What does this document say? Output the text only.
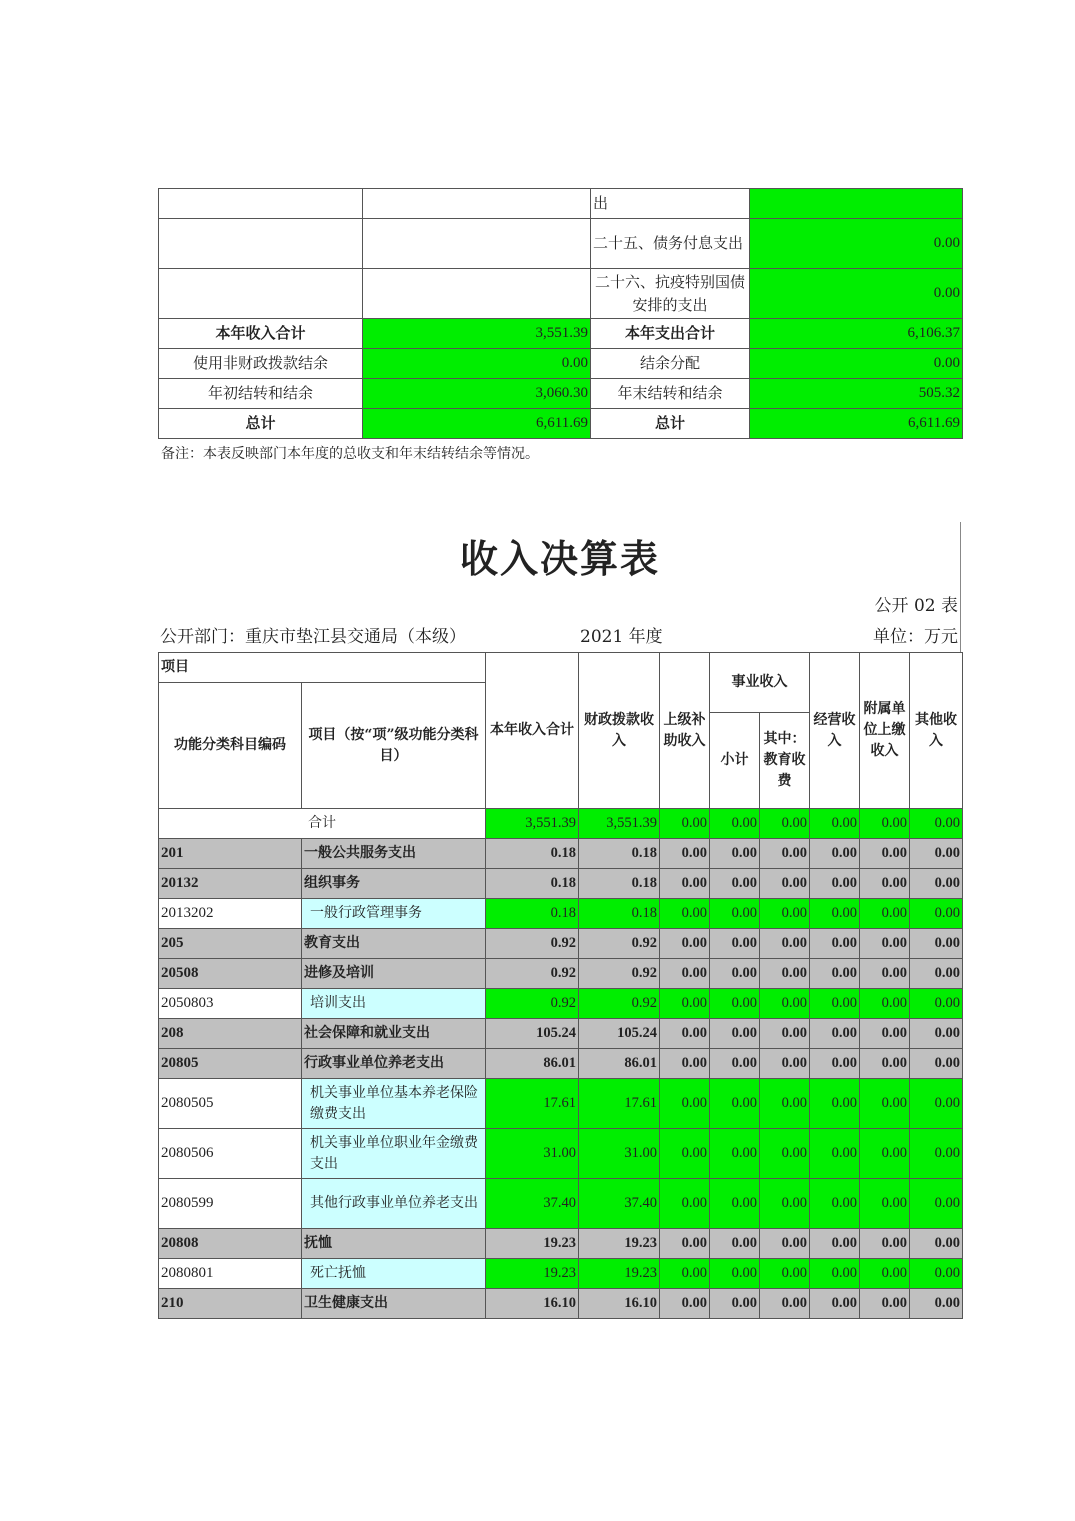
		出	
		二十五、债务付息支出	0.00
		二十六、抗疫特别国债安排的支出	0.00
本年收入合计	3,551.39	本年支出合计	6,106.37
使用非财政拨款结余	0.00	结余分配	0.00
年初结转和结余	3,060.30	年末结转和结余	505.32
总计	6,611.69	总计	6,611.69
备注：本表反映部门本年度的总收支和年末结转结余等情况。
收入决算表
公开 02 表
公开部门：重庆市垫江县交通局（本级）	2021 年度	单位：万元
项目		本年收入合计	财政拨款收入	上级补助收入	事业收入		经营收入	附属单位上缴收入	其他收入
功能分类科目编码	项目（按“项”级功能分类科目）								
					小计	其中：教育收费			
合计		3,551.39	3,551.39	0.00	0.00	0.00	0.00	0.00	0.00
201	一般公共服务支出	0.18	0.18	0.00	0.00	0.00	0.00	0.00	0.00
20132	组织事务	0.18	0.18	0.00	0.00	0.00	0.00	0.00	0.00
2013202	一般行政管理事务	0.18	0.18	0.00	0.00	0.00	0.00	0.00	0.00
205	教育支出	0.92	0.92	0.00	0.00	0.00	0.00	0.00	0.00
20508	进修及培训	0.92	0.92	0.00	0.00	0.00	0.00	0.00	0.00
2050803	培训支出	0.92	0.92	0.00	0.00	0.00	0.00	0.00	0.00
208	社会保障和就业支出	105.24	105.24	0.00	0.00	0.00	0.00	0.00	0.00
20805	行政事业单位养老支出	86.01	86.01	0.00	0.00	0.00	0.00	0.00	0.00
2080505	机关事业单位基本养老保险缴费支出	17.61	17.61	0.00	0.00	0.00	0.00	0.00	0.00
2080506	机关事业单位职业年金缴费支出	31.00	31.00	0.00	0.00	0.00	0.00	0.00	0.00
2080599	其他行政事业单位养老支出	37.40	37.40	0.00	0.00	0.00	0.00	0.00	0.00
20808	抚恤	19.23	19.23	0.00	0.00	0.00	0.00	0.00	0.00
2080801	死亡抚恤	19.23	19.23	0.00	0.00	0.00	0.00	0.00	0.00
210	卫生健康支出	16.10	16.10	0.00	0.00	0.00	0.00	0.00	0.00
